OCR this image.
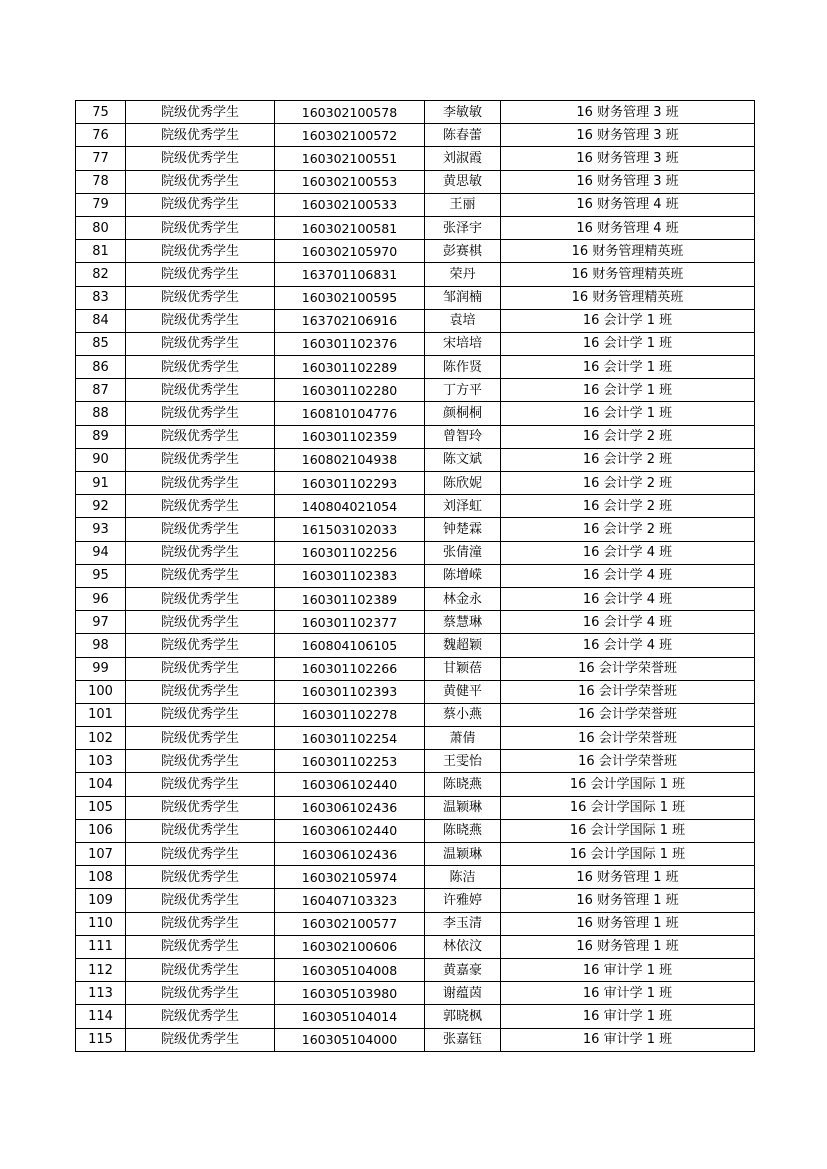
75	院级优秀学生	160302100578	李敏敏	16 财务管理 3 班
76	院级优秀学生	160302100572	陈春蕾	16 财务管理 3 班
77	院级优秀学生	160302100551	刘淑霞	16 财务管理 3 班
78	院级优秀学生	160302100553	黄思敏	16 财务管理 3 班
79	院级优秀学生	160302100533	王丽	16 财务管理 4 班
80	院级优秀学生	160302100581	张泽宇	16 财务管理 4 班
81	院级优秀学生	160302105970	彭赛棋	16 财务管理精英班
82	院级优秀学生	163701106831	荣丹	16 财务管理精英班
83	院级优秀学生	160302100595	邹润楠	16 财务管理精英班
84	院级优秀学生	163702106916	袁培	16 会计学 1 班
85	院级优秀学生	160301102376	宋培培	16 会计学 1 班
86	院级优秀学生	160301102289	陈作贤	16 会计学 1 班
87	院级优秀学生	160301102280	丁方平	16 会计学 1 班
88	院级优秀学生	160810104776	颜桐桐	16 会计学 1 班
89	院级优秀学生	160301102359	曾智玲	16 会计学 2 班
90	院级优秀学生	160802104938	陈文斌	16 会计学 2 班
91	院级优秀学生	160301102293	陈欣妮	16 会计学 2 班
92	院级优秀学生	140804021054	刘泽虹	16 会计学 2 班
93	院级优秀学生	161503102033	钟楚霖	16 会计学 2 班
94	院级优秀学生	160301102256	张倩潼	16 会计学 4 班
95	院级优秀学生	160301102383	陈增嵘	16 会计学 4 班
96	院级优秀学生	160301102389	林金永	16 会计学 4 班
97	院级优秀学生	160301102377	蔡慧琳	16 会计学 4 班
98	院级优秀学生	160804106105	魏超颖	16 会计学 4 班
99	院级优秀学生	160301102266	甘颖蓓	16 会计学荣誉班
100	院级优秀学生	160301102393	黄健平	16 会计学荣誉班
101	院级优秀学生	160301102278	蔡小燕	16 会计学荣誉班
102	院级优秀学生	160301102254	萧倩	16 会计学荣誉班
103	院级优秀学生	160301102253	王雯怡	16 会计学荣誉班
104	院级优秀学生	160306102440	陈晓燕	16 会计学国际 1 班
105	院级优秀学生	160306102436	温颖琳	16 会计学国际 1 班
106	院级优秀学生	160306102440	陈晓燕	16 会计学国际 1 班
107	院级优秀学生	160306102436	温颖琳	16 会计学国际 1 班
108	院级优秀学生	160302105974	陈洁	16 财务管理 1 班
109	院级优秀学生	160407103323	许雅婷	16 财务管理 1 班
110	院级优秀学生	160302100577	李玉清	16 财务管理 1 班
111	院级优秀学生	160302100606	林依汶	16 财务管理 1 班
112	院级优秀学生	160305104008	黄嘉豪	16 审计学 1 班
113	院级优秀学生	160305103980	谢蕴茵	16 审计学 1 班
114	院级优秀学生	160305104014	郭晓枫	16 审计学 1 班
115	院级优秀学生	160305104000	张嘉钰	16 审计学 1 班
